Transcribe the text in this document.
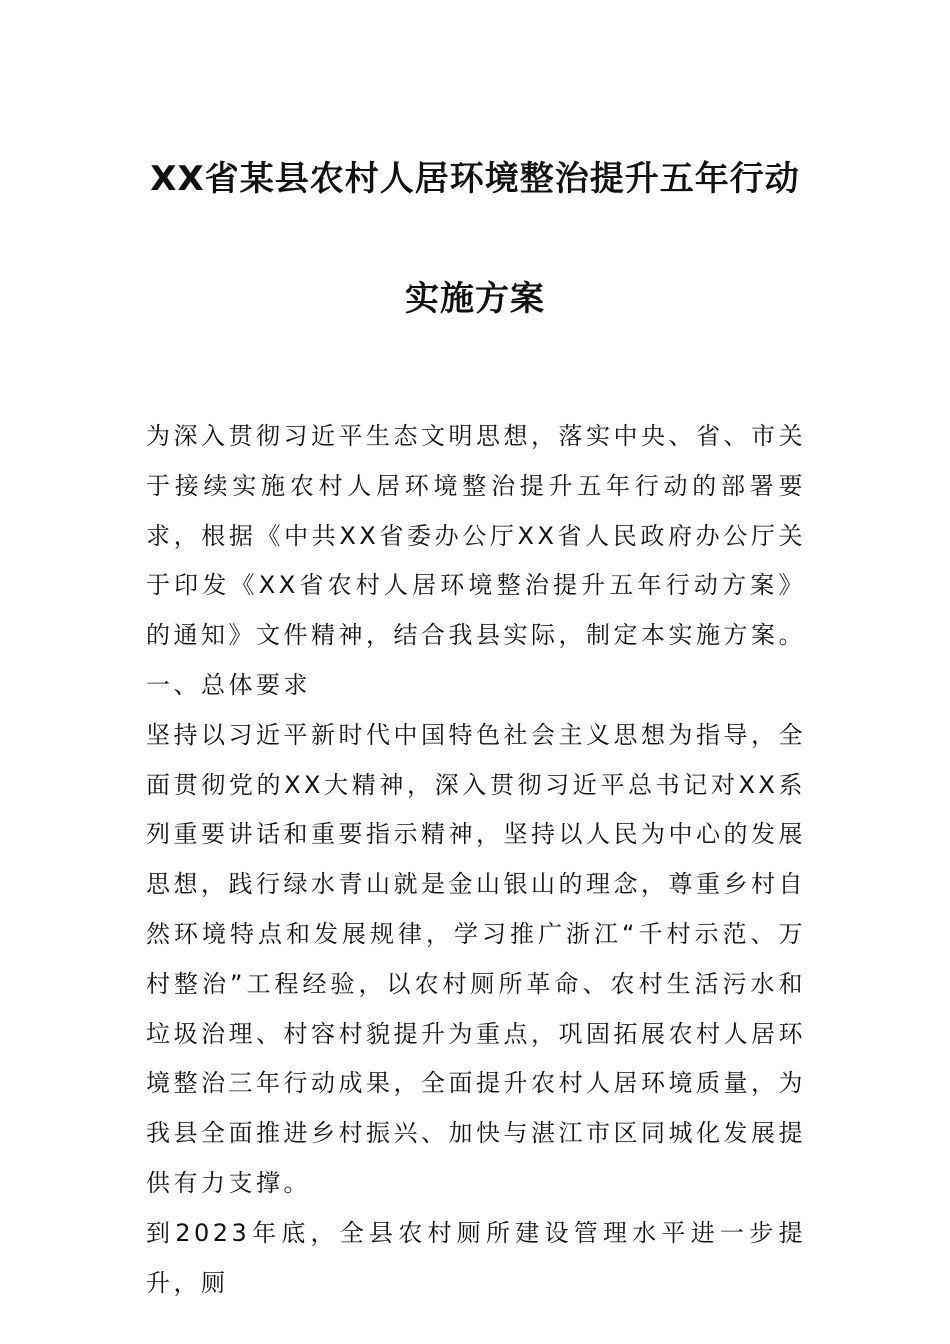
XX省某县农村人居环境整治提升五年行动
实施方案

为深入贯彻习近平生态文明思想，落实中央、省、市关于接续实施农村人居环境整治提升五年行动的部署要求，根据《中共XX省委办公厅XX省人民政府办公厅关于印发《XX省农村人居环境整治提升五年行动方案》的通知》文件精神，结合我县实际，制定本实施方案。

一、总体要求

坚持以习近平新时代中国特色社会主义思想为指导，全面贯彻党的XX大精神，深入贯彻习近平总书记对XX系列重要讲话和重要指示精神，坚持以人民为中心的发展思想，践行绿水青山就是金山银山的理念，尊重乡村自然环境特点和发展规律，学习推广浙江“千村示范、万村整治”工程经验，以农村厕所革命、农村生活污水和垃圾治理、村容村貌提升为重点，巩固拓展农村人居环境整治三年行动成果，全面提升农村人居环境质量，为我县全面推进乡村振兴、加快与湛江市区同城化发展提供有力支撑。

到2023年底，全县农村厕所建设管理水平进一步提升，厕
